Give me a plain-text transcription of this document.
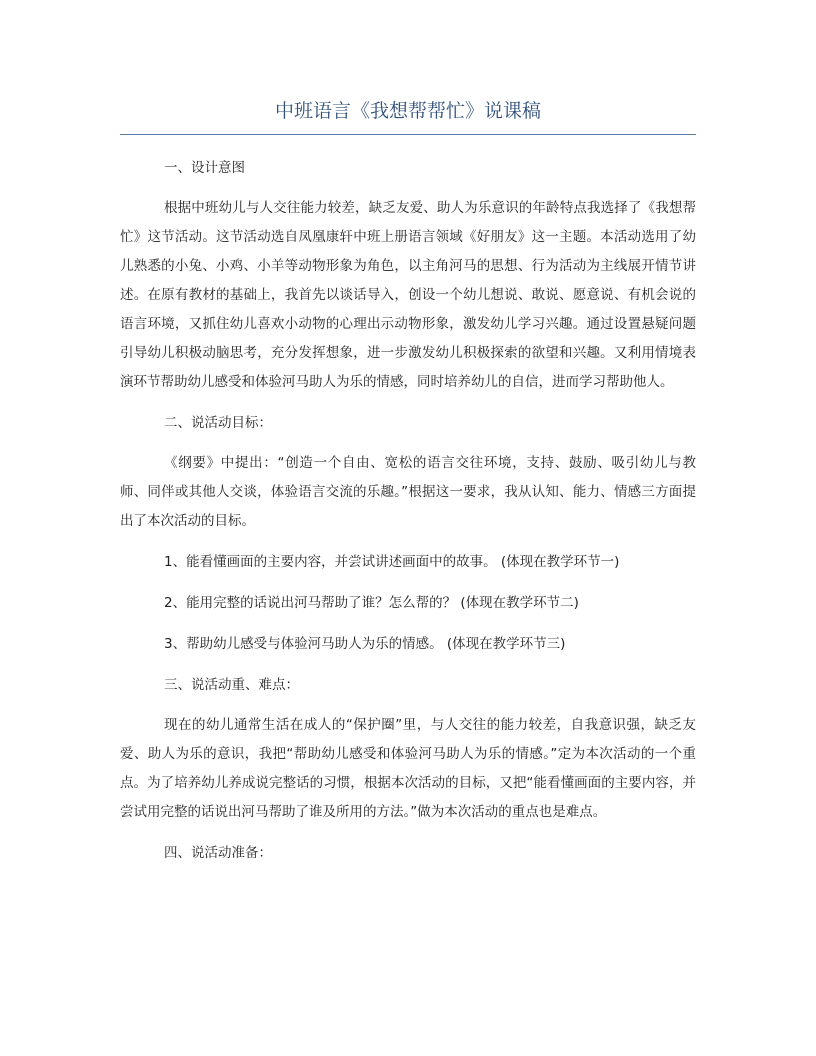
中班语言《我想帮帮忙》说课稿
一、设计意图

根据中班幼儿与人交往能力较差，缺乏友爱、助人为乐意识的年龄特点我选择了《我想帮忙》这节活动。这节活动选自凤凰康轩中班上册语言领域《好朋友》这一主题。本活动选用了幼儿熟悉的小兔、小鸡、小羊等动物形象为角色，以主角河马的思想、行为活动为主线展开情节讲述。在原有教材的基础上，我首先以谈话导入，创设一个幼儿想说、敢说、愿意说、有机会说的语言环境，又抓住幼儿喜欢小动物的心理出示动物形象，激发幼儿学习兴趣。通过设置悬疑问题引导幼儿积极动脑思考，充分发挥想象，进一步激发幼儿积极探索的欲望和兴趣。又利用情境表演环节帮助幼儿感受和体验河马助人为乐的情感，同时培养幼儿的自信，进而学习帮助他人。

二、说活动目标：

《纲要》中提出：“创造一个自由、宽松的语言交往环境，支持、鼓励、吸引幼儿与教师、同伴或其他人交谈，体验语言交流的乐趣。”根据这一要求，我从认知、能力、情感三方面提出了本次活动的目标。

1、能看懂画面的主要内容，并尝试讲述画面中的故事。 (体现在教学环节一)
2、能用完整的话说出河马帮助了谁？怎么帮的？ (体现在教学环节二)
3、帮助幼儿感受与体验河马助人为乐的情感。 (体现在教学环节三)
三、说活动重、难点：

现在的幼儿通常生活在成人的“保护圈”里，与人交往的能力较差，自我意识强，缺乏友爱、助人为乐的意识，我把“帮助幼儿感受和体验河马助人为乐的情感。”定为本次活动的一个重点。为了培养幼儿养成说完整话的习惯，根据本次活动的目标，又把“能看懂画面的主要内容，并尝试用完整的话说出河马帮助了谁及所用的方法。”做为本次活动的重点也是难点。

四、说活动准备：
